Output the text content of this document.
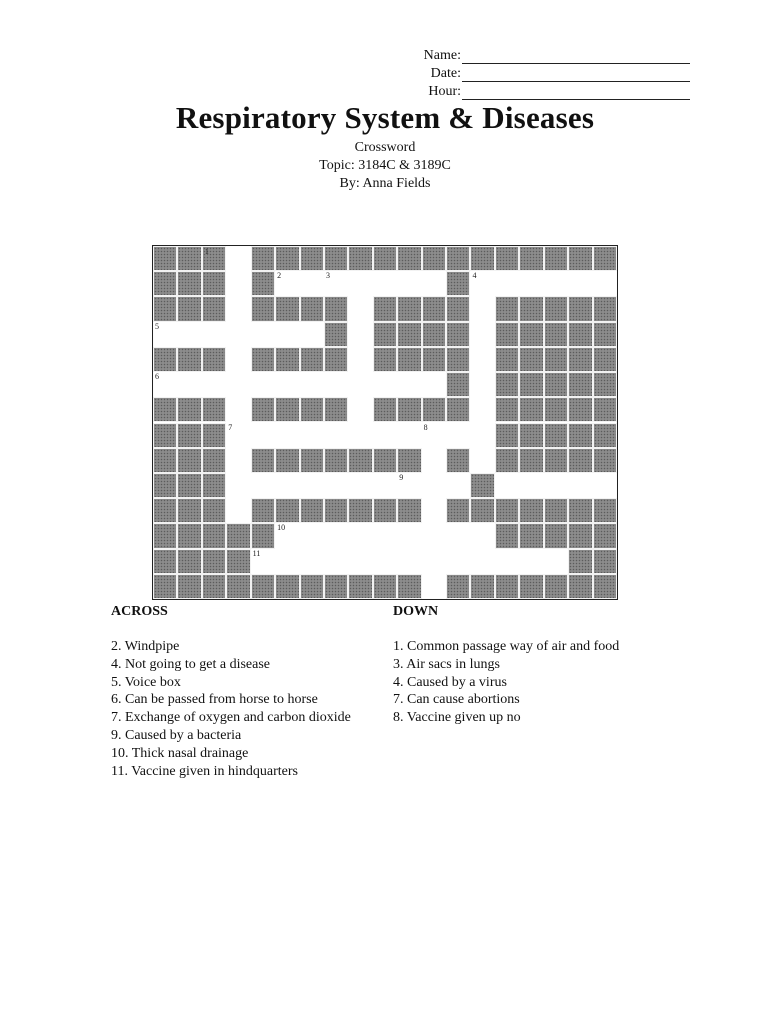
Name:
Date:
Hour:
Respiratory System & Diseases
Crossword
Topic: 3184C & 3189C
By: Anna Fields
1
2	3	4
5
6
7	8
9
10
11
ACROSS
2. Windpipe
4. Not going to get a disease
5. Voice box
6. Can be passed from horse to horse
7. Exchange of oxygen and carbon dioxide
9. Caused by a bacteria
10. Thick nasal drainage
11. Vaccine given in hindquarters
DOWN
1. Common passage way of air and food
3. Air sacs in lungs
4. Caused by a virus
7. Can cause abortions
8. Vaccine given up no
